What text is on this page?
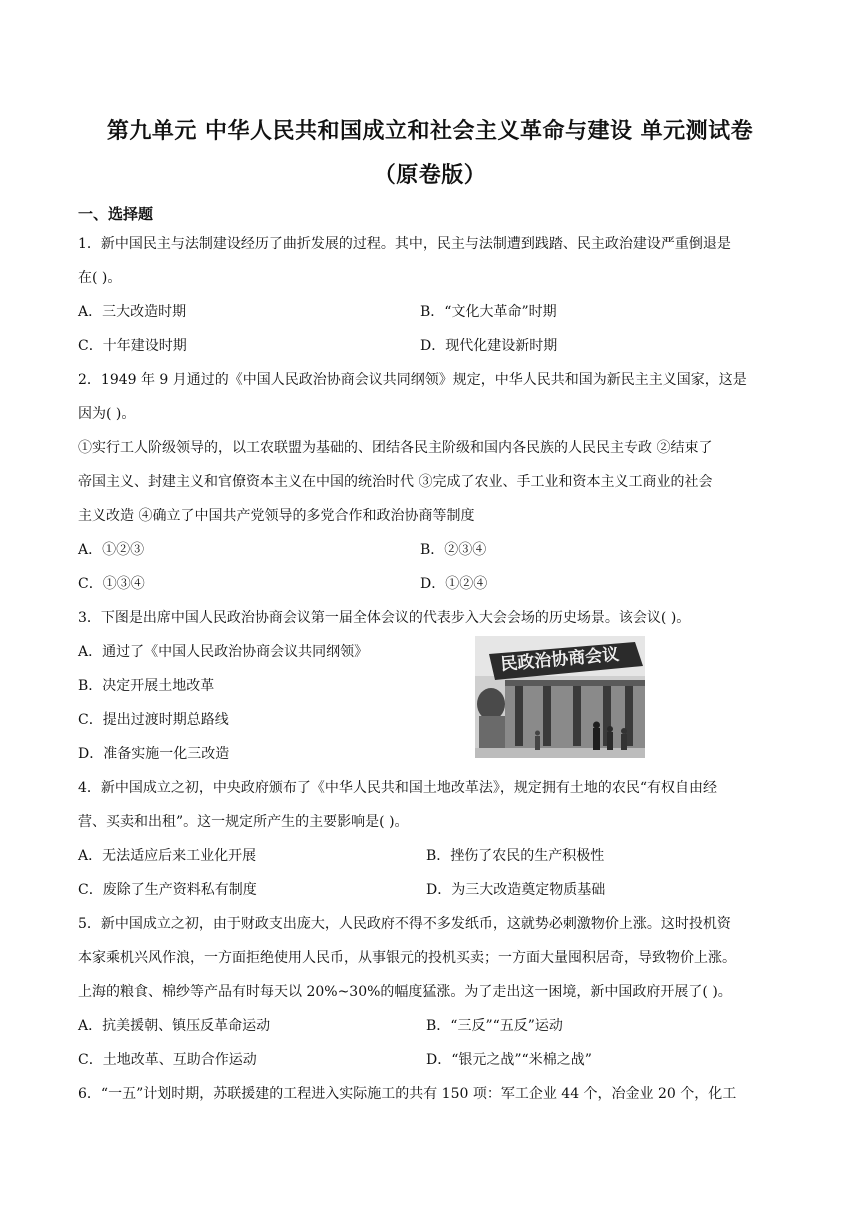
第九单元 中华人民共和国成立和社会主义革命与建设 单元测试卷
（原卷版）
一、选择题
1．新中国民主与法制建设经历了曲折发展的过程。其中，民主与法制遭到践踏、民主政治建设严重倒退是
在( )。
A．三大改造时期	B．“文化大革命”时期
C．十年建设时期	D．现代化建设新时期
2．1949 年 9 月通过的《中国人民政治协商会议共同纲领》规定，中华人民共和国为新民主主义国家，这是
因为( )。
①实行工人阶级领导的，以工农联盟为基础的、团结各民主阶级和国内各民族的人民民主专政 ②结束了
帝国主义、封建主义和官僚资本主义在中国的统治时代 ③完成了农业、手工业和资本主义工商业的社会
主义改造 ④确立了中国共产党领导的多党合作和政治协商等制度
A．①②③	B．②③④
C．①③④	D．①②④
3．下图是出席中国人民政治协商会议第一届全体会议的代表步入大会会场的历史场景。该会议( )。
A．通过了《中国人民政治协商会议共同纲领》
B．决定开展土地改革
C．提出过渡时期总路线
D．准备实施一化三改造
民政治协商会议
4．新中国成立之初，中央政府颁布了《中华人民共和国土地改革法》，规定拥有土地的农民“有权自由经
营、买卖和出租”。这一规定所产生的主要影响是( )。
A．无法适应后来工业化开展	B．挫伤了农民的生产积极性
C．废除了生产资料私有制度	D．为三大改造奠定物质基础
5．新中国成立之初，由于财政支出庞大，人民政府不得不多发纸币，这就势必刺激物价上涨。这时投机资
本家乘机兴风作浪，一方面拒绝使用人民币，从事银元的投机买卖；一方面大量囤积居奇，导致物价上涨。
上海的粮食、棉纱等产品有时每天以 20%~30%的幅度猛涨。为了走出这一困境，新中国政府开展了( )。
A．抗美援朝、镇压反革命运动	B．“三反”“五反”运动
C．土地改革、互助合作运动	D．“银元之战”“米棉之战”
6．“一五”计划时期，苏联援建的工程进入实际施工的共有 150 项：军工企业 44 个，冶金业 20 个，化工
